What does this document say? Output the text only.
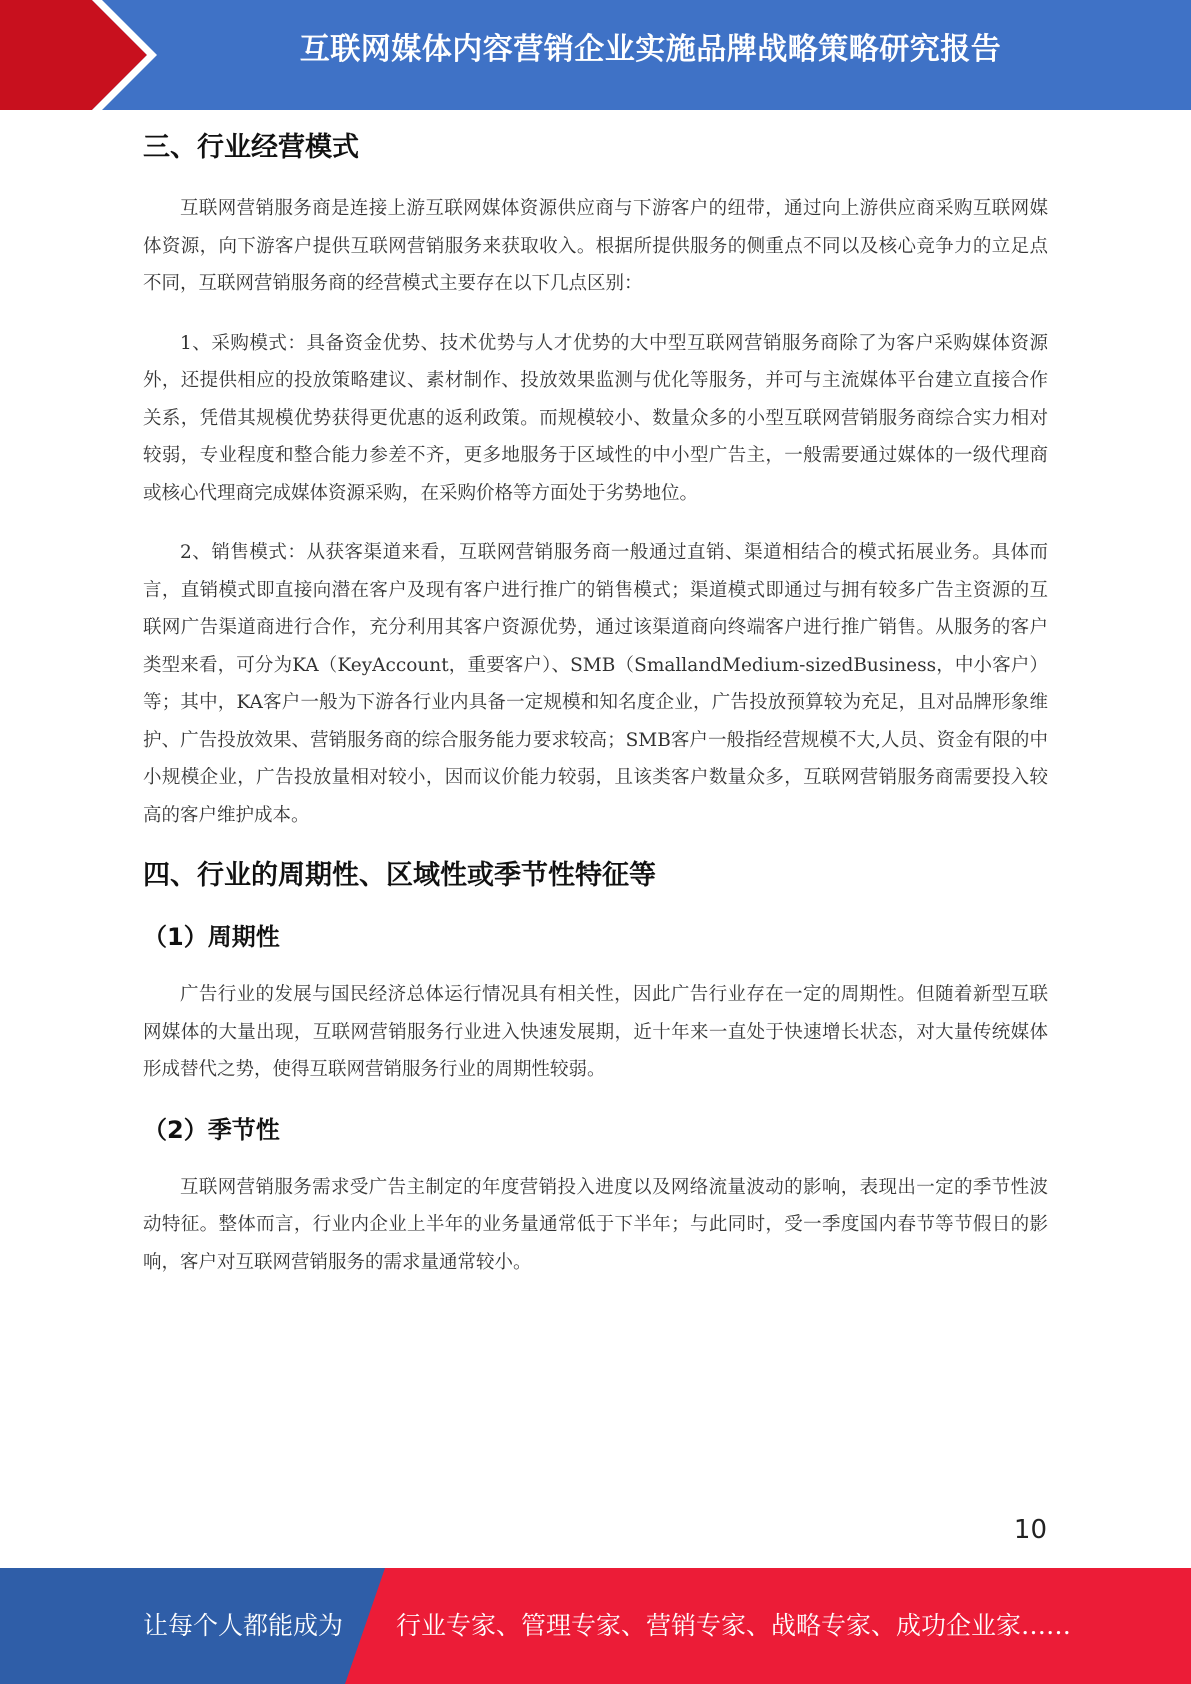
互联网媒体内容营销企业实施品牌战略策略研究报告
三、行业经营模式

互联网营销服务商是连接上游互联网媒体资源供应商与下游客户的纽带，通过向上游供应商采购互联网媒体资源，向下游客户提供互联网营销服务来获取收入。根据所提供服务的侧重点不同以及核心竞争力的立足点不同，互联网营销服务商的经营模式主要存在以下几点区别：

1、采购模式：具备资金优势、技术优势与人才优势的大中型互联网营销服务商除了为客户采购媒体资源外，还提供相应的投放策略建议、素材制作、投放效果监测与优化等服务，并可与主流媒体平台建立直接合作关系，凭借其规模优势获得更优惠的返利政策。而规模较小、数量众多的小型互联网营销服务商综合实力相对较弱，专业程度和整合能力参差不齐，更多地服务于区域性的中小型广告主，一般需要通过媒体的一级代理商或核心代理商完成媒体资源采购，在采购价格等方面处于劣势地位。

2、销售模式：从获客渠道来看，互联网营销服务商一般通过直销、渠道相结合的模式拓展业务。具体而言，直销模式即直接向潜在客户及现有客户进行推广的销售模式；渠道模式即通过与拥有较多广告主资源的互联网广告渠道商进行合作，充分利用其客户资源优势，通过该渠道商向终端客户进行推广销售。从服务的客户类型来看，可分为KA（KeyAccount，重要客户）、SMB（SmallandMedium-sizedBusiness，中小客户）等；其中，KA客户一般为下游各行业内具备一定规模和知名度企业，广告投放预算较为充足，且对品牌形象维护、广告投放效果、营销服务商的综合服务能力要求较高；SMB客户一般指经营规模不大,人员、资金有限的中小规模企业，广告投放量相对较小，因而议价能力较弱，且该类客户数量众多，互联网营销服务商需要投入较高的客户维护成本。

四、行业的周期性、区域性或季节性特征等
（1）周期性

广告行业的发展与国民经济总体运行情况具有相关性，因此广告行业存在一定的周期性。但随着新型互联网媒体的大量出现，互联网营销服务行业进入快速发展期，近十年来一直处于快速增长状态，对大量传统媒体形成替代之势，使得互联网营销服务行业的周期性较弱。

（2）季节性

互联网营销服务需求受广告主制定的年度营销投入进度以及网络流量波动的影响，表现出一定的季节性波动特征。整体而言，行业内企业上半年的业务量通常低于下半年；与此同时，受一季度国内春节等节假日的影响，客户对互联网营销服务的需求量通常较小。

10
让每个人都能成为 行业专家、管理专家、营销专家、战略专家、成功企业家……
